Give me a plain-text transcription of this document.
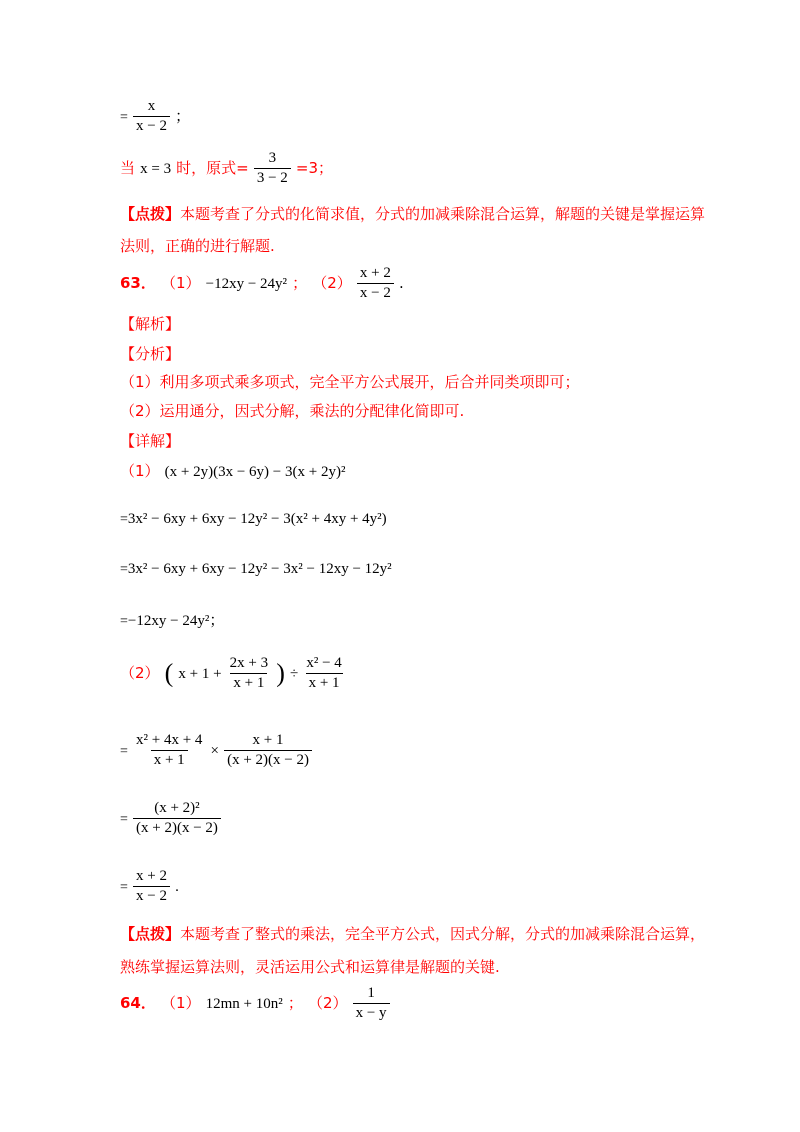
= $\frac{x}{x - 2}$ ；
当 x = 3 时，原式= $\frac{3}{3 - 2} =3$；
【点拨】本题考查了分式的化简求值，分式的加减乘除混合运算，解题的关键是掌握运算
法则，正确的进行解题.
63． （1） −12xy − 24y² ； $(2) \frac{x + 2}{x - 2}$ .
【解析】
【分析】
（1）利用多项式乘多项式，完全平方公式展开，后合并同类项即可；
（2）运用通分，因式分解，乘法的分配律化简即可.
【详解】
（1） (x + 2y)(3x − 6y) − 3(x + 2y)²
=3x² − 6xy + 6xy − 12y² − 3(x² + 4xy + 4y²)
=3x² − 6xy + 6xy − 12y² − 3x² − 12xy − 12y²
=−12xy − 24y²；
（2） ( $x + 1 + \frac{2x + 3}{x + 1}$ ) ÷ $\frac{\text{x² − 4}}{x + 1}$
= $\frac{\text{x² + 4x + 4}}{x + 1} \times \frac{x + 1}{(x + 2)(x - 2)}$
= $\frac{\text{(x + 2)²}}{(x + 2)(x - 2)}$
= $\frac{x + 2}{x - 2}$ .
【点拨】本题考查了整式的乘法，完全平方公式，因式分解，分式的加减乘除混合运算，
熟练掌握运算法则，灵活运用公式和运算律是解题的关键.
64． （1） 12mn + 10n² ； $(2) \frac{1}{x - y}$
